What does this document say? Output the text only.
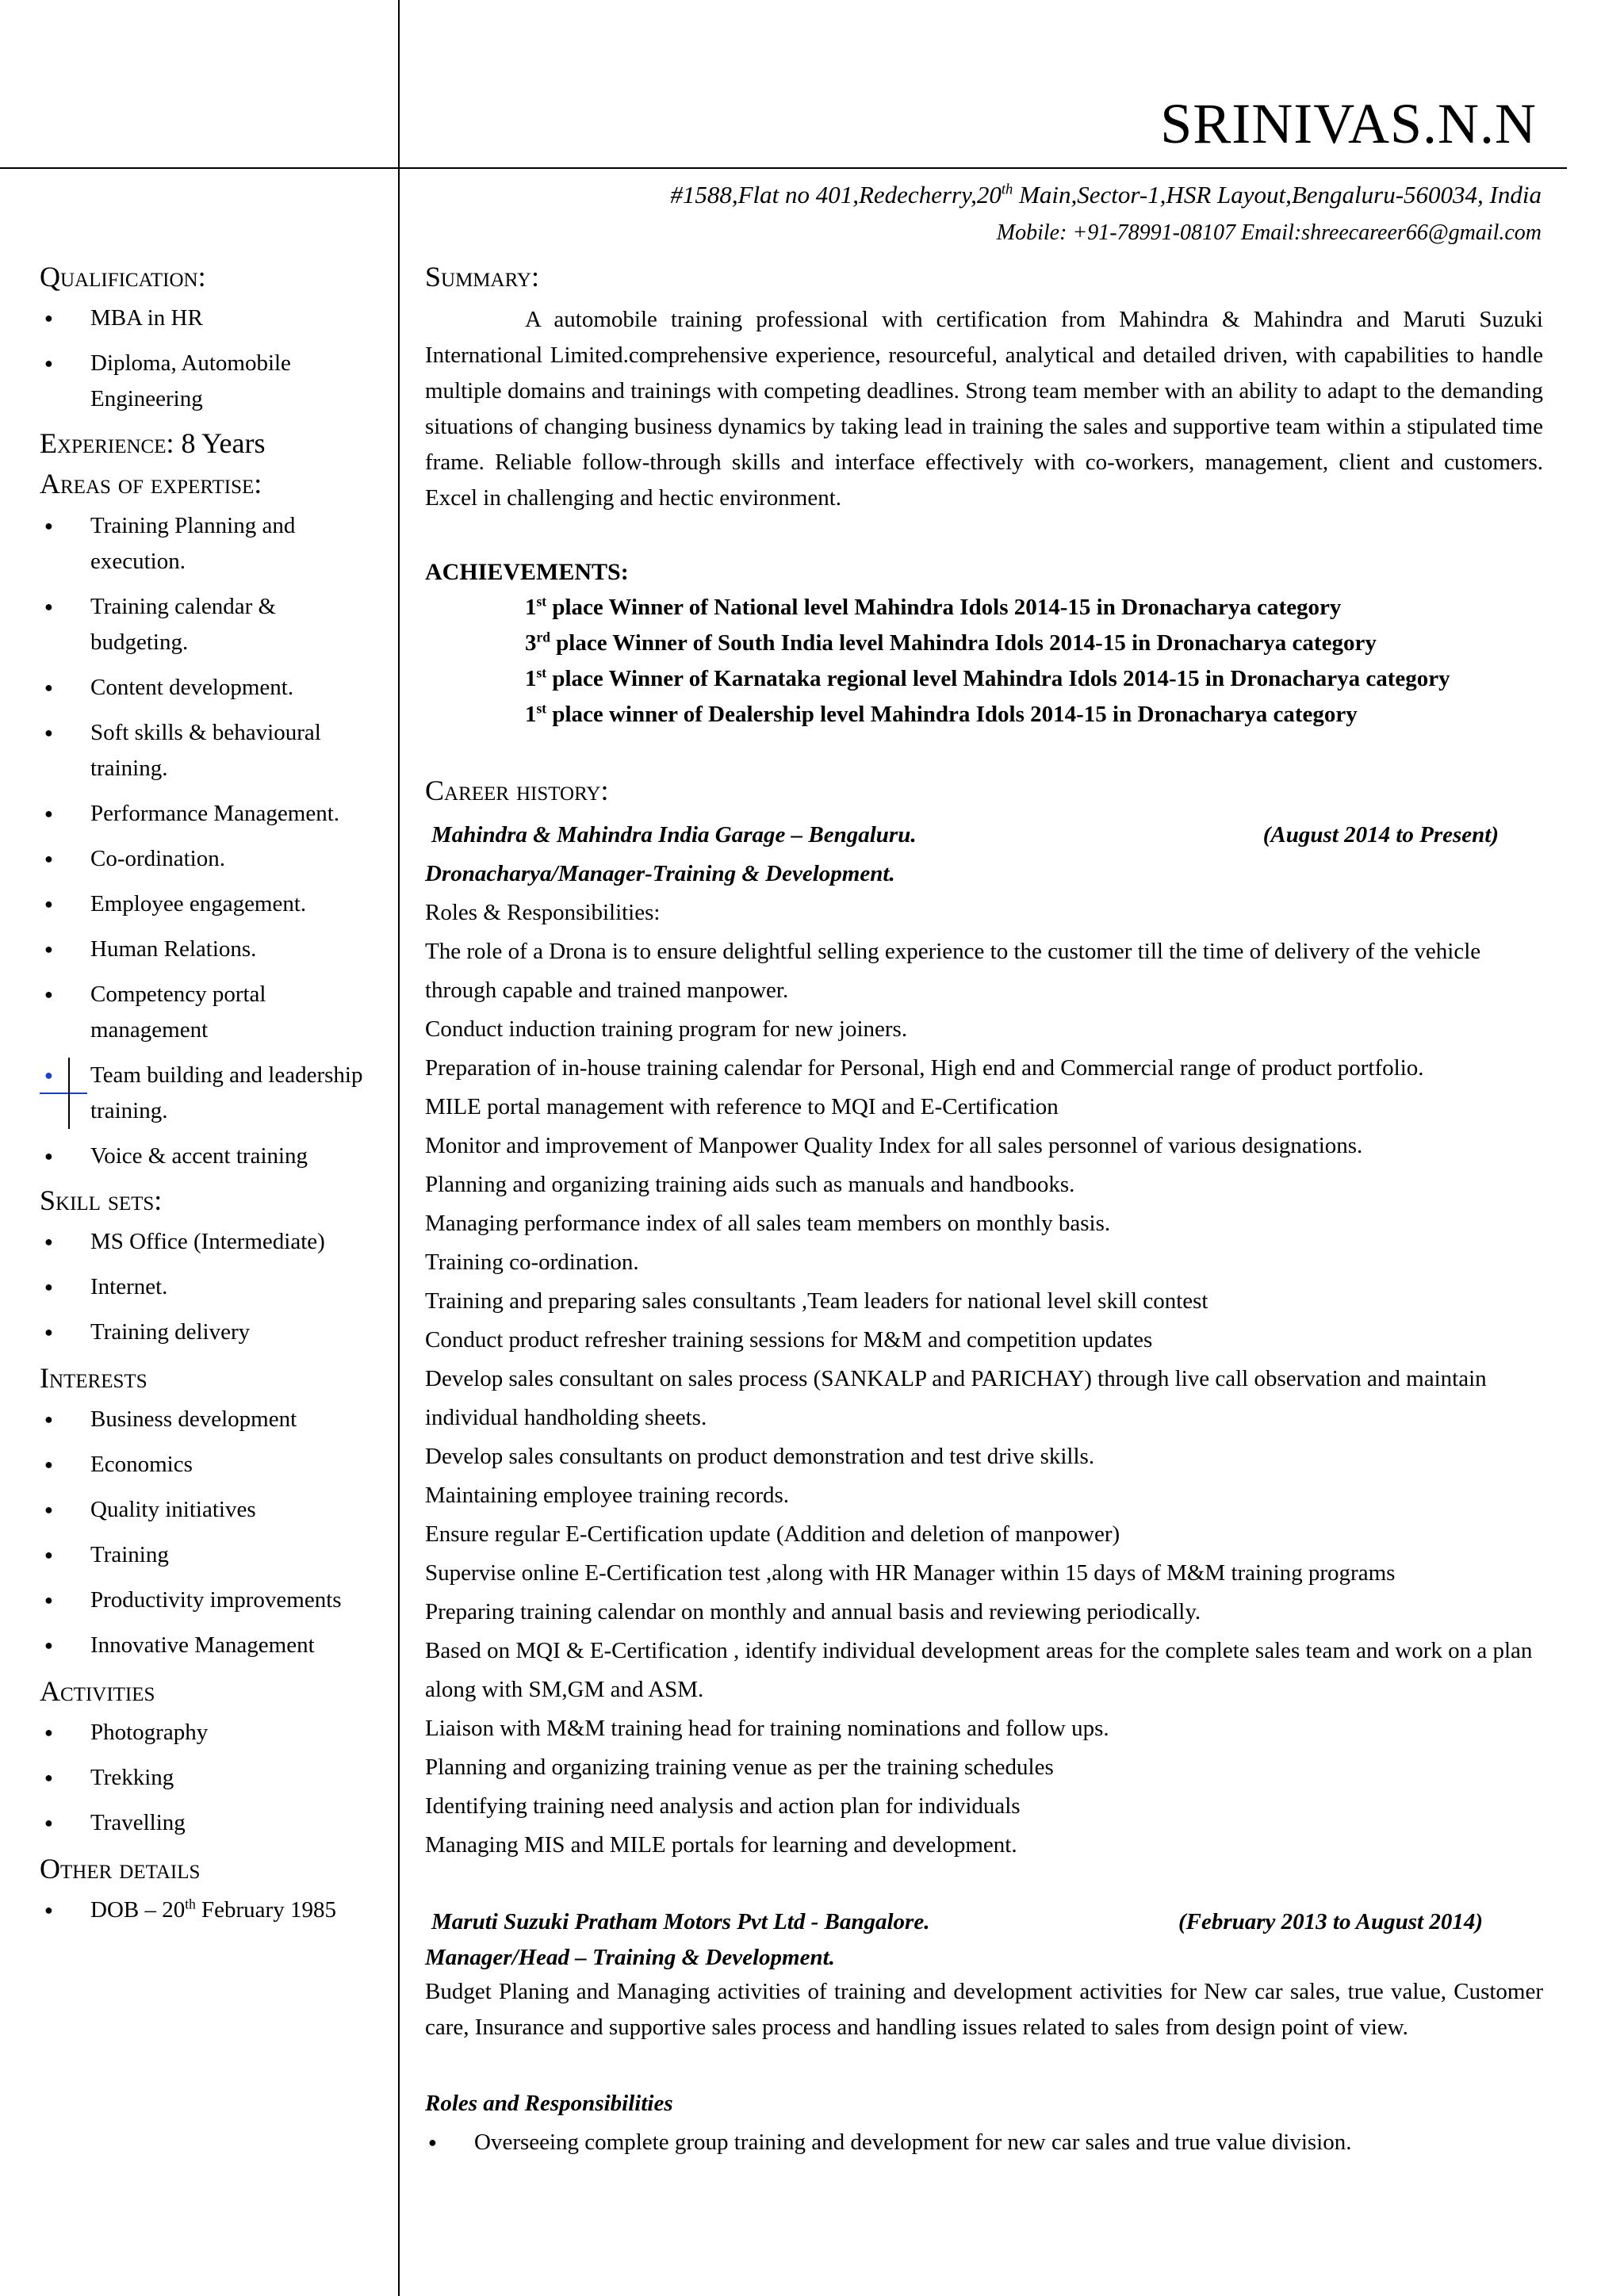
SRINIVAS.N.N
#1588,Flat no 401,Redecherry,20th Main,Sector-1,HSR Layout,Bengaluru-560034, India
Mobile: +91-78991-08107 Email:shreecareer66@gmail.com
Qualification:
● MBA in HR
● Diploma, Automobile Engineering
Experience: 8 Years
Areas of expertise:
● Training Planning and execution.
● Training calendar & budgeting.
● Content development.
● Soft skills & behavioural training.
● Performance Management.
● Co-ordination.
● Employee engagement.
● Human Relations.
● Competency portal management
● Team building and leadership training.
● Voice & accent training
Skill sets:
● MS Office (Intermediate)
● Internet.
● Training delivery
Interests
● Business development
● Economics
● Quality initiatives
● Training
● Productivity improvements
● Innovative Management
Activities
● Photography
● Trekking
● Travelling
Other details
● DOB – 20th February 1985
Summary:

A automobile training professional with certification from Mahindra & Mahindra and Maruti Suzuki International Limited.comprehensive experience, resourceful, analytical and detailed driven, with capabilities to handle multiple domains and trainings with competing deadlines. Strong team member with an ability to adapt to the demanding situations of changing business dynamics by taking lead in training the sales and supportive team within a stipulated time frame. Reliable follow-through skills and interface effectively with co-workers, management, client and customers. Excel in challenging and hectic environment.

ACHIEVEMENTS:
1st place Winner of National level Mahindra Idols 2014-15 in Dronacharya category
3rd place Winner of South India level Mahindra Idols 2014-15 in Dronacharya category
1st place Winner of Karnataka regional level Mahindra Idols 2014-15 in Dronacharya category
1st place winner of Dealership level Mahindra Idols 2014-15 in Dronacharya category
Career history:
Mahindra & Mahindra India Garage – Bengaluru.	(August 2014 to Present)
Dronacharya/Manager-Training & Development.
Roles & Responsibilities:
The role of a Drona is to ensure delightful selling experience to the customer till the time of delivery of the vehicle
through capable and trained manpower.
Conduct induction training program for new joiners.
Preparation of in-house training calendar for Personal, High end and Commercial range of product portfolio.
MILE portal management with reference to MQI and E-Certification
Monitor and improvement of Manpower Quality Index for all sales personnel of various designations.
Planning and organizing training aids such as manuals and handbooks.
Managing performance index of all sales team members on monthly basis.
Training co-ordination.
Training and preparing sales consultants ,Team leaders for national level skill contest
Conduct product refresher training sessions for M&M and competition updates
Develop sales consultant on sales process (SANKALP and PARICHAY) through live call observation and maintain
individual handholding sheets.
Develop sales consultants on product demonstration and test drive skills.
Maintaining employee training records.
Ensure regular E-Certification update (Addition and deletion of manpower)
Supervise online E-Certification test ,along with HR Manager within 15 days of M&M training programs
Preparing training calendar on monthly and annual basis and reviewing periodically.
Based on MQI & E-Certification , identify individual development areas for the complete sales team and work on a plan
along with SM,GM and ASM.
Liaison with M&M training head for training nominations and follow ups.
Planning and organizing training venue as per the training schedules
Identifying training need analysis and action plan for individuals
Managing MIS and MILE portals for learning and development.
Maruti Suzuki Pratham Motors Pvt Ltd - Bangalore.	(February 2013 to August 2014)
Manager/Head – Training & Development.

Budget Planing and Managing activities of training and development activities for New car sales, true value, Customer care, Insurance and supportive sales process and handling issues related to sales from design point of view.

Roles and Responsibilities
● Overseeing complete group training and development for new car sales and true value division.
